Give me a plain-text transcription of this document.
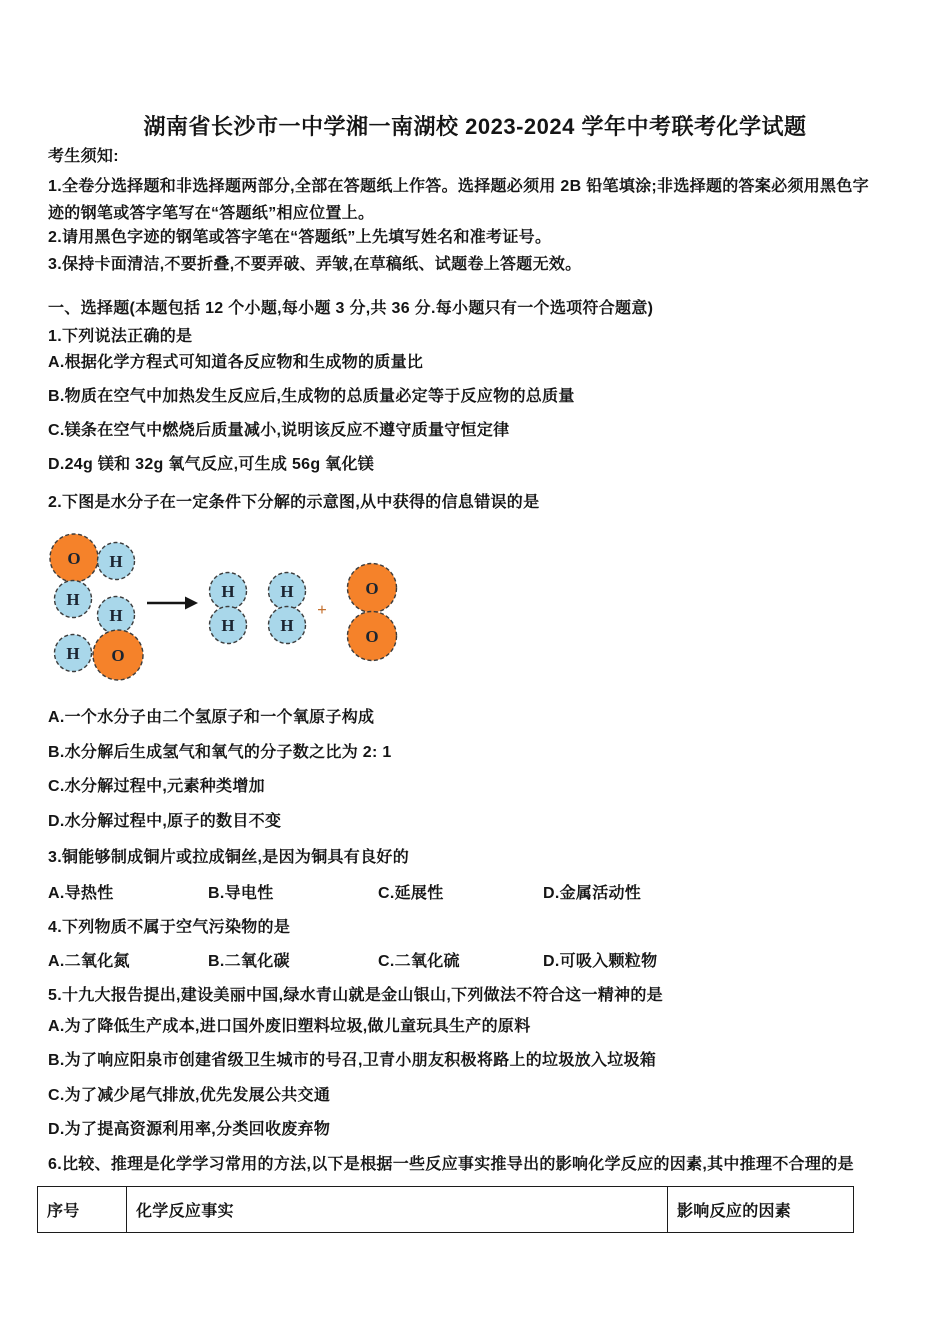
湖南省长沙市一中学湘一南湖校 2023-2024 学年中考联考化学试题
考生须知:
1.全卷分选择题和非选择题两部分,全部在答题纸上作答。选择题必须用 2B 铅笔填涂;非选择题的答案必须用黑色字迹的钢笔或答字笔写在“答题纸”相应位置上。
2.请用黑色字迹的钢笔或答字笔在“答题纸”上先填写姓名和准考证号。
3.保持卡面清洁,不要折叠,不要弄破、弄皱,在草稿纸、试题卷上答题无效。
一、选择题(本题包括 12 个小题,每小题 3 分,共 36 分.每小题只有一个选项符合题意)
1.下列说法正确的是
A.根据化学方程式可知道各反应物和生成物的质量比
B.物质在空气中加热发生反应后,生成物的总质量必定等于反应物的总质量
C.镁条在空气中燃烧后质量减小,说明该反应不遵守质量守恒定律
D.24g 镁和 32g 氧气反应,可生成 56g 氧化镁
2.下图是水分子在一定条件下分解的示意图,从中获得的信息错误的是
O H
H
H
H O
H
H
H
H
O
O
+
A.一个水分子由二个氢原子和一个氧原子构成
B.水分解后生成氢气和氧气的分子数之比为 2: 1
C.水分解过程中,元素种类增加
D.水分解过程中,原子的数目不变
3.铜能够制成铜片或拉成铜丝,是因为铜具有良好的
A.导热性	B.导电性	C.延展性	D.金属活动性
4.下列物质不属于空气污染物的是
A.二氧化氮	B.二氧化碳	C.二氧化硫	D.可吸入颗粒物
5.十九大报告提出,建设美丽中国,绿水青山就是金山银山,下列做法不符合这一精神的是
A.为了降低生产成本,进口国外废旧塑料垃圾,做儿童玩具生产的原料
B.为了响应阳泉市创建省级卫生城市的号召,卫青小朋友积极将路上的垃圾放入垃圾箱
C.为了减少尾气排放,优先发展公共交通
D.为了提高资源利用率,分类回收废弃物
6.比较、推理是化学学习常用的方法,以下是根据一些反应事实推导出的影响化学反应的因素,其中推理不合理的是
序号	化学反应事实	影响反应的因素
